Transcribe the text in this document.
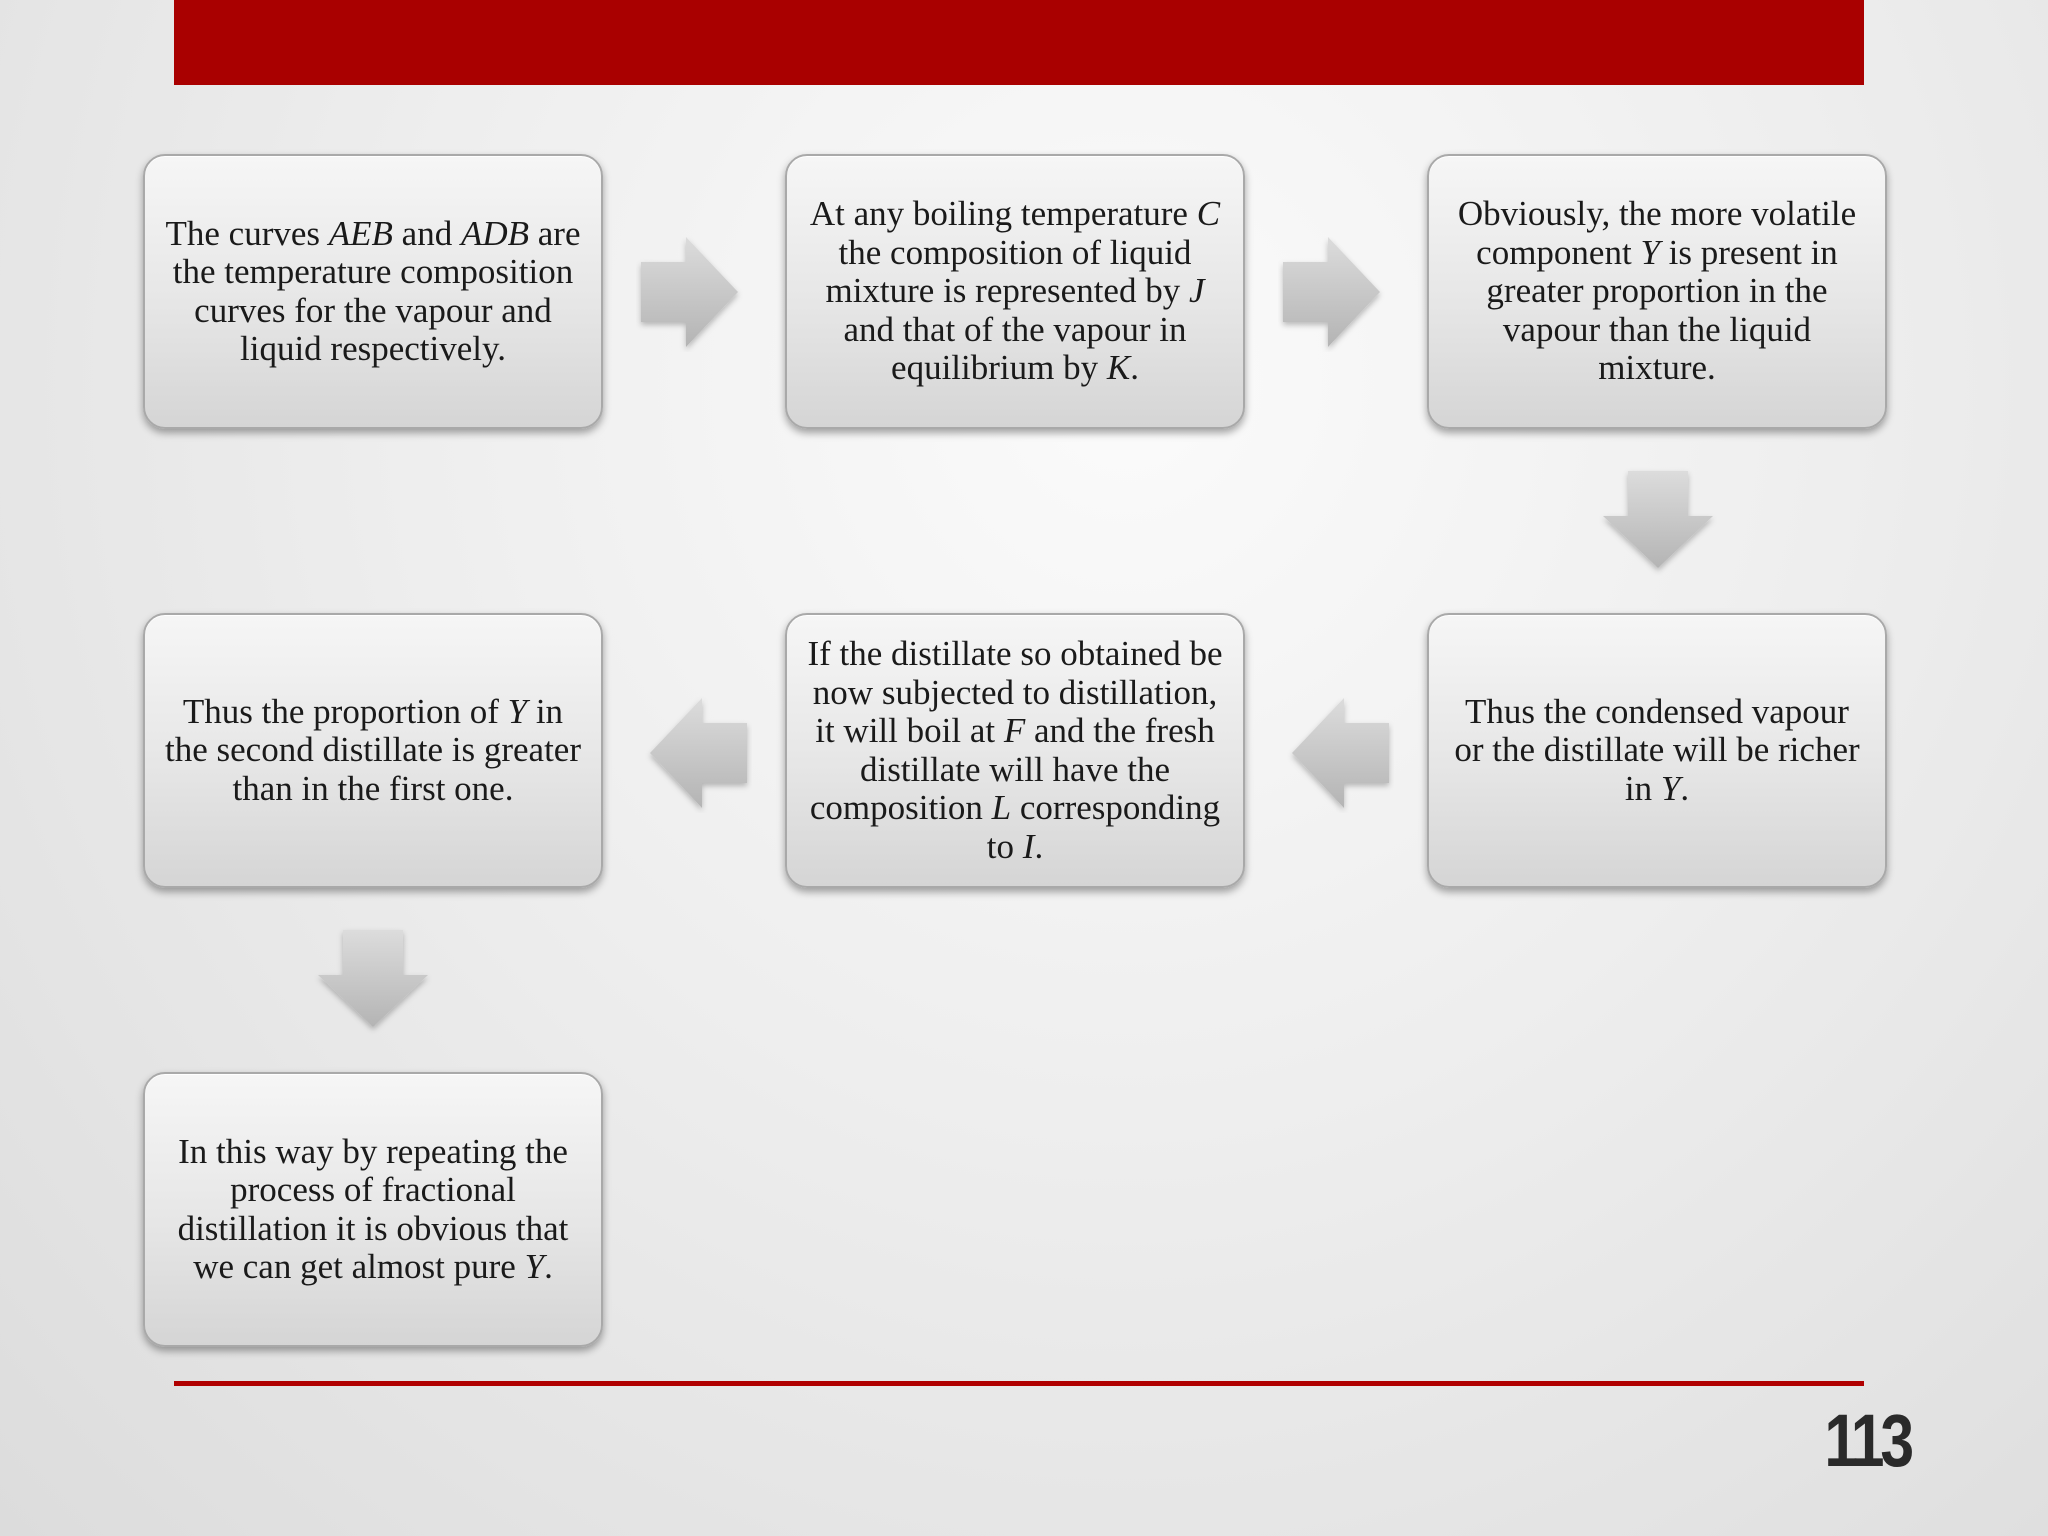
The curves AEB and ADB are the temperature composition curves for the vapour and liquid respectively.
At any boiling temperature C the composition of liquid mixture is represented by J and that of the vapour in equilibrium by K.
Obviously, the more volatile component Y is present in greater proportion in the vapour than the liquid mixture.
Thus the proportion of Y in the second distillate is greater than in the first one.
If the distillate so obtained be now subjected to distillation, it will boil at F and the fresh distillate will have the composition L corresponding to I.
Thus the condensed vapour or the distillate will be richer in Y.
In this way by repeating the process of fractional distillation it is obvious that we can get almost pure Y.
113
